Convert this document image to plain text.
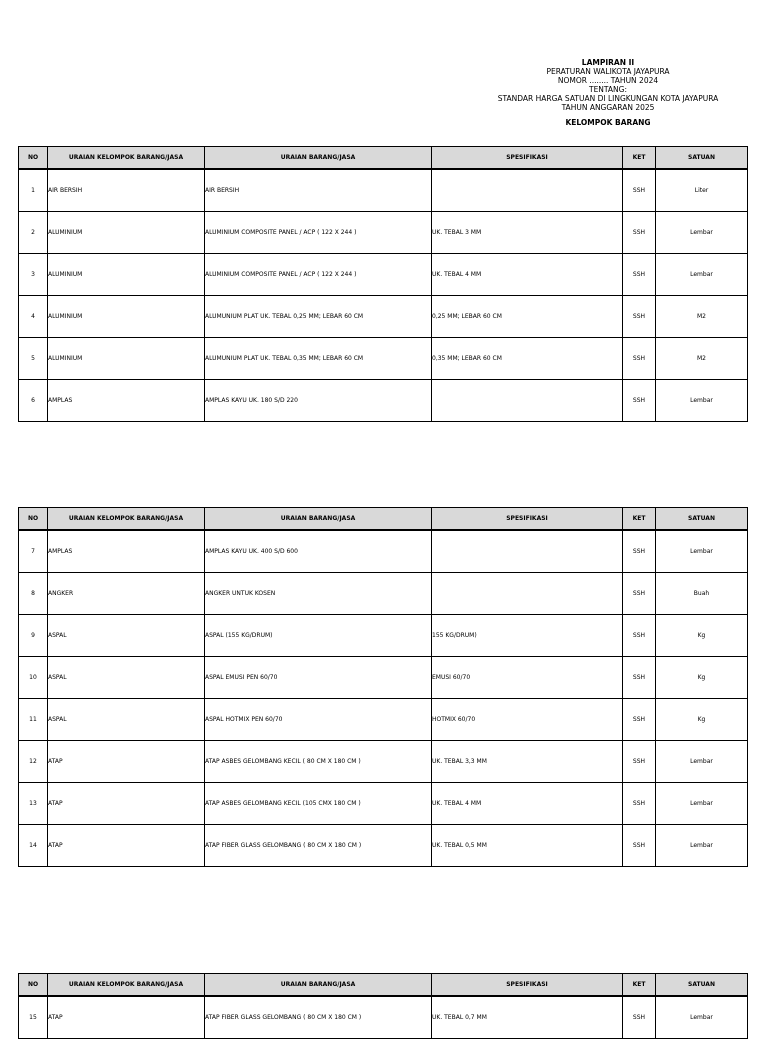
LAMPIRAN II
PERATURAN WALIKOTA JAYAPURA
NOMOR ........ TAHUN 2024
TENTANG:
STANDAR HARGA SATUAN DI LINGKUNGAN KOTA JAYAPURA
TAHUN ANGGARAN 2025
KELOMPOK BARANG
NO	URAIAN KELOMPOK BARANG/JASA	URAIAN BARANG/JASA	SPESIFIKASI	KET	SATUAN
1	AIR BERSIH	AIR BERSIH		SSH	Liter
2	ALUMINIUM	ALUMINIUM COMPOSITE PANEL / ACP ( 122 X 244 )	UK. TEBAL 3 MM	SSH	Lembar
3	ALUMINIUM	ALUMINIUM COMPOSITE PANEL / ACP ( 122 X 244 )	UK. TEBAL 4 MM	SSH	Lembar
4	ALUMINIUM	ALUMUNIUM PLAT UK. TEBAL 0,25 MM; LEBAR 60 CM	0,25 MM; LEBAR 60 CM	SSH	M2
5	ALUMINIUM	ALUMUNIUM PLAT UK. TEBAL 0,35 MM; LEBAR 60 CM	0,35 MM; LEBAR 60 CM	SSH	M2
6	AMPLAS	AMPLAS KAYU UK. 180 S/D 220		SSH	Lembar
NO	URAIAN KELOMPOK BARANG/JASA	URAIAN BARANG/JASA	SPESIFIKASI	KET	SATUAN
7	AMPLAS	AMPLAS KAYU UK. 400 S/D 600		SSH	Lembar
8	ANGKER	ANGKER UNTUK KOSEN		SSH	Buah
9	ASPAL	ASPAL (155 KG/DRUM)	155 KG/DRUM)	SSH	Kg
10	ASPAL	ASPAL EMUSI PEN 60/70	EMUSI 60/70	SSH	Kg
11	ASPAL	ASPAL HOTMIX PEN 60/70	HOTMIX 60/70	SSH	Kg
12	ATAP	ATAP ASBES GELOMBANG KECIL ( 80 CM X 180 CM )	UK. TEBAL 3,3 MM	SSH	Lembar
13	ATAP	ATAP ASBES GELOMBANG KECIL (105 CMX 180 CM )	UK. TEBAL 4 MM	SSH	Lembar
14	ATAP	ATAP FIBER GLASS GELOMBANG ( 80 CM X 180 CM )	UK. TEBAL 0,5 MM	SSH	Lembar
NO	URAIAN KELOMPOK BARANG/JASA	URAIAN BARANG/JASA	SPESIFIKASI	KET	SATUAN
15	ATAP	ATAP FIBER GLASS GELOMBANG ( 80 CM X 180 CM )	UK. TEBAL 0,7 MM	SSH	Lembar
